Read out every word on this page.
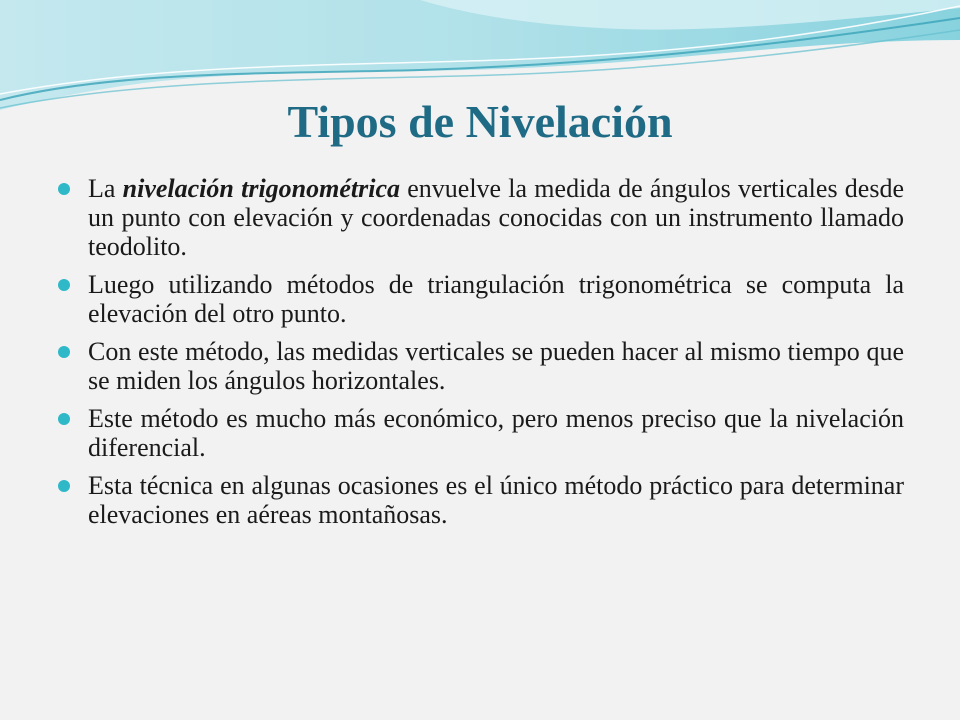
Tipos de Nivelación
La nivelación trigonométrica envuelve la medida de ángulos verticales desde un punto con elevación y coordenadas conocidas con un instrumento llamado teodolito.
Luego utilizando métodos de triangulación trigonométrica se computa la elevación del otro punto.
Con este método, las medidas verticales se pueden hacer al mismo tiempo que se miden los ángulos horizontales.
Este método es mucho más económico, pero menos preciso que la nivelación diferencial.
Esta técnica en algunas ocasiones es el único método práctico para determinar elevaciones en aéreas montañosas.
